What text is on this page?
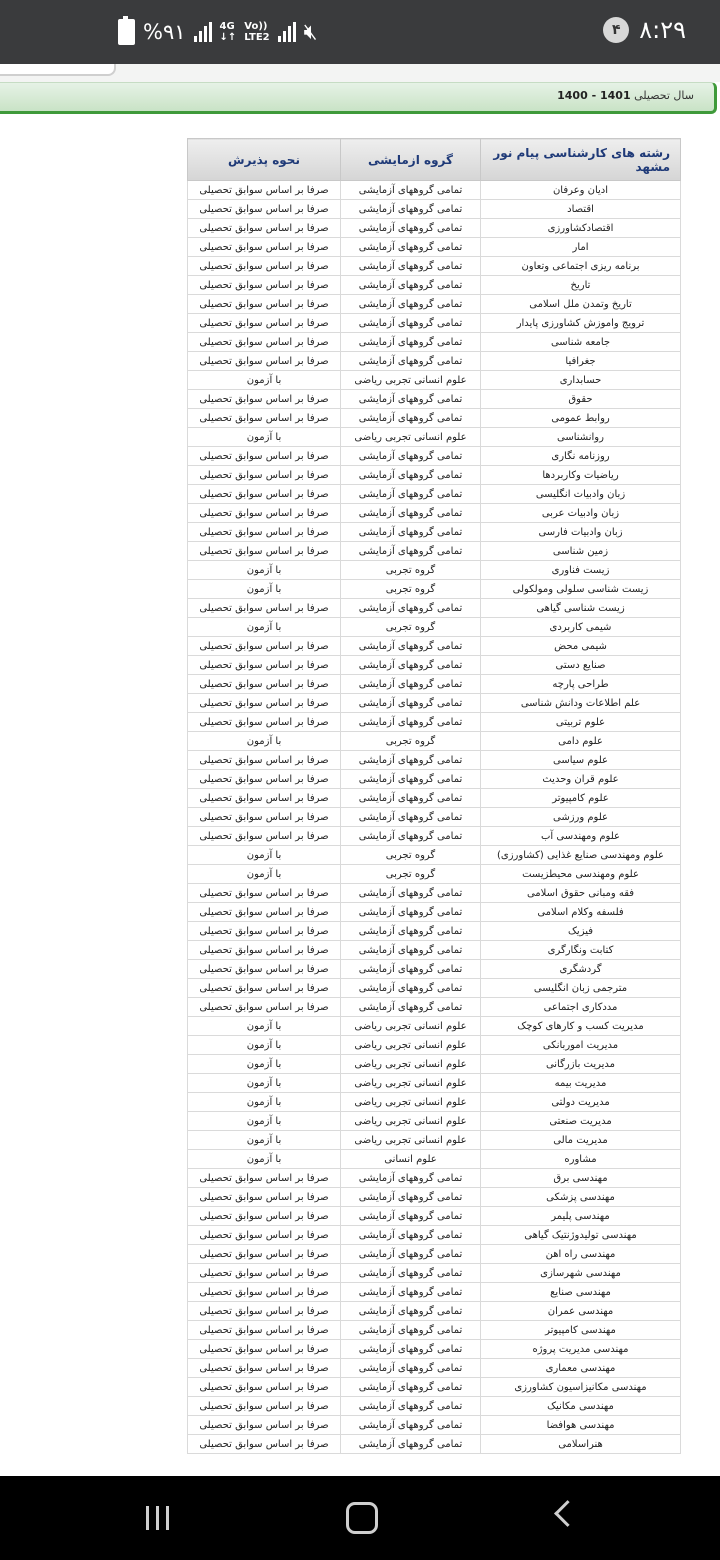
%۹۱	4G
↓↑
Vo))
LTE2 🔇︎	۴ ۸:۲۹
سال تحصیلی 1401 - 1400
رشته های کارشناسی پیام نور مشهد	گروه ازمایشی	نحوه پذیرش
ادیان وعرفان	تمامی گروههای آزمایشی	صرفا بر اساس سوابق تحصیلی
اقتصاد	تمامی گروههای آزمایشی	صرفا بر اساس سوابق تحصیلی
اقتصادکشاورزی	تمامی گروههای آزمایشی	صرفا بر اساس سوابق تحصیلی
امار	تمامی گروههای آزمایشی	صرفا بر اساس سوابق تحصیلی
برنامه ریزی اجتماعی وتعاون	تمامی گروههای آزمایشی	صرفا بر اساس سوابق تحصیلی
تاریخ	تمامی گروههای آزمایشی	صرفا بر اساس سوابق تحصیلی
تاریخ وتمدن ملل اسلامی	تمامی گروههای آزمایشی	صرفا بر اساس سوابق تحصیلی
ترویج واموزش کشاورزی پایدار	تمامی گروههای آزمایشی	صرفا بر اساس سوابق تحصیلی
جامعه شناسی	تمامی گروههای آزمایشی	صرفا بر اساس سوابق تحصیلی
جغرافیا	تمامی گروههای آزمایشی	صرفا بر اساس سوابق تحصیلی
حسابداری	علوم انسانی تجربی ریاضی	با آزمون
حقوق	تمامی گروههای آزمایشی	صرفا بر اساس سوابق تحصیلی
روابط عمومی	تمامی گروههای آزمایشی	صرفا بر اساس سوابق تحصیلی
روانشناسی	علوم انسانی تجربی ریاضی	با آزمون
روزنامه نگاری	تمامی گروههای آزمایشی	صرفا بر اساس سوابق تحصیلی
ریاضیات وکاربردها	تمامی گروههای آزمایشی	صرفا بر اساس سوابق تحصیلی
زبان وادبیات انگلیسی	تمامی گروههای آزمایشی	صرفا بر اساس سوابق تحصیلی
زبان وادبیات عربی	تمامی گروههای آزمایشی	صرفا بر اساس سوابق تحصیلی
زبان وادبیات فارسی	تمامی گروههای آزمایشی	صرفا بر اساس سوابق تحصیلی
زمین شناسی	تمامی گروههای آزمایشی	صرفا بر اساس سوابق تحصیلی
زیست فناوری	گروه تجربی	با آزمون
زیست شناسی سلولی ومولکولی	گروه تجربی	با آزمون
زیست شناسی گیاهی	تمامی گروههای آزمایشی	صرفا بر اساس سوابق تحصیلی
شیمی کاربردی	گروه تجربی	با آزمون
شیمی محض	تمامی گروههای آزمایشی	صرفا بر اساس سوابق تحصیلی
صنایع دستی	تمامی گروههای آزمایشی	صرفا بر اساس سوابق تحصیلی
طراحی پارچه	تمامی گروههای آزمایشی	صرفا بر اساس سوابق تحصیلی
علم اطلاعات ودانش شناسی	تمامی گروههای آزمایشی	صرفا بر اساس سوابق تحصیلی
علوم تربیتی	تمامی گروههای آزمایشی	صرفا بر اساس سوابق تحصیلی
علوم دامی	گروه تجربی	با آزمون
علوم سیاسی	تمامی گروههای آزمایشی	صرفا بر اساس سوابق تحصیلی
علوم قران وحدیث	تمامی گروههای آزمایشی	صرفا بر اساس سوابق تحصیلی
علوم کامپیوتر	تمامی گروههای آزمایشی	صرفا بر اساس سوابق تحصیلی
علوم ورزشی	تمامی گروههای آزمایشی	صرفا بر اساس سوابق تحصیلی
علوم ومهندسی آب	تمامی گروههای آزمایشی	صرفا بر اساس سوابق تحصیلی
علوم ومهندسی صنایع غذایی (کشاورزی)	گروه تجربی	با آزمون
علوم ومهندسی محیطزیست	گروه تجربی	با آزمون
فقه ومبانی حقوق اسلامی	تمامی گروههای آزمایشی	صرفا بر اساس سوابق تحصیلی
فلسفه وکلام اسلامی	تمامی گروههای آزمایشی	صرفا بر اساس سوابق تحصیلی
فیزیک	تمامی گروههای آزمایشی	صرفا بر اساس سوابق تحصیلی
کتابت ونگارگری	تمامی گروههای آزمایشی	صرفا بر اساس سوابق تحصیلی
گردشگری	تمامی گروههای آزمایشی	صرفا بر اساس سوابق تحصیلی
مترجمی زبان انگلیسی	تمامی گروههای آزمایشی	صرفا بر اساس سوابق تحصیلی
مددکاری اجتماعی	تمامی گروههای آزمایشی	صرفا بر اساس سوابق تحصیلی
مدیریت کسب و کارهای کوچک	علوم انسانی تجربی ریاضی	با آزمون
مدیریت اموربانکی	علوم انسانی تجربی ریاضی	با آزمون
مدیریت بازرگانی	علوم انسانی تجربی ریاضی	با آزمون
مدیریت بیمه	علوم انسانی تجربی ریاضی	با آزمون
مدیریت دولتی	علوم انسانی تجربی ریاضی	با آزمون
مدیریت صنعتی	علوم انسانی تجربی ریاضی	با آزمون
مدیریت مالی	علوم انسانی تجربی ریاضی	با آزمون
مشاوره	علوم انسانی	با آزمون
مهندسی برق	تمامی گروههای آزمایشی	صرفا بر اساس سوابق تحصیلی
مهندسی پزشکی	تمامی گروههای آزمایشی	صرفا بر اساس سوابق تحصیلی
مهندسی پلیمر	تمامی گروههای آزمایشی	صرفا بر اساس سوابق تحصیلی
مهندسی تولیدوژنتیک گیاهی	تمامی گروههای آزمایشی	صرفا بر اساس سوابق تحصیلی
مهندسی راه اهن	تمامی گروههای آزمایشی	صرفا بر اساس سوابق تحصیلی
مهندسی شهرسازی	تمامی گروههای آزمایشی	صرفا بر اساس سوابق تحصیلی
مهندسی صنایع	تمامی گروههای آزمایشی	صرفا بر اساس سوابق تحصیلی
مهندسی عمران	تمامی گروههای آزمایشی	صرفا بر اساس سوابق تحصیلی
مهندسی کامپیوتر	تمامی گروههای آزمایشی	صرفا بر اساس سوابق تحصیلی
مهندسی مدیریت پروژه	تمامی گروههای آزمایشی	صرفا بر اساس سوابق تحصیلی
مهندسی معماری	تمامی گروههای آزمایشی	صرفا بر اساس سوابق تحصیلی
مهندسی مکانیزاسیون کشاورزی	تمامی گروههای آزمایشی	صرفا بر اساس سوابق تحصیلی
مهندسی مکانیک	تمامی گروههای آزمایشی	صرفا بر اساس سوابق تحصیلی
مهندسی هوافضا	تمامی گروههای آزمایشی	صرفا بر اساس سوابق تحصیلی
هنراسلامی	تمامی گروههای آزمایشی	صرفا بر اساس سوابق تحصیلی
